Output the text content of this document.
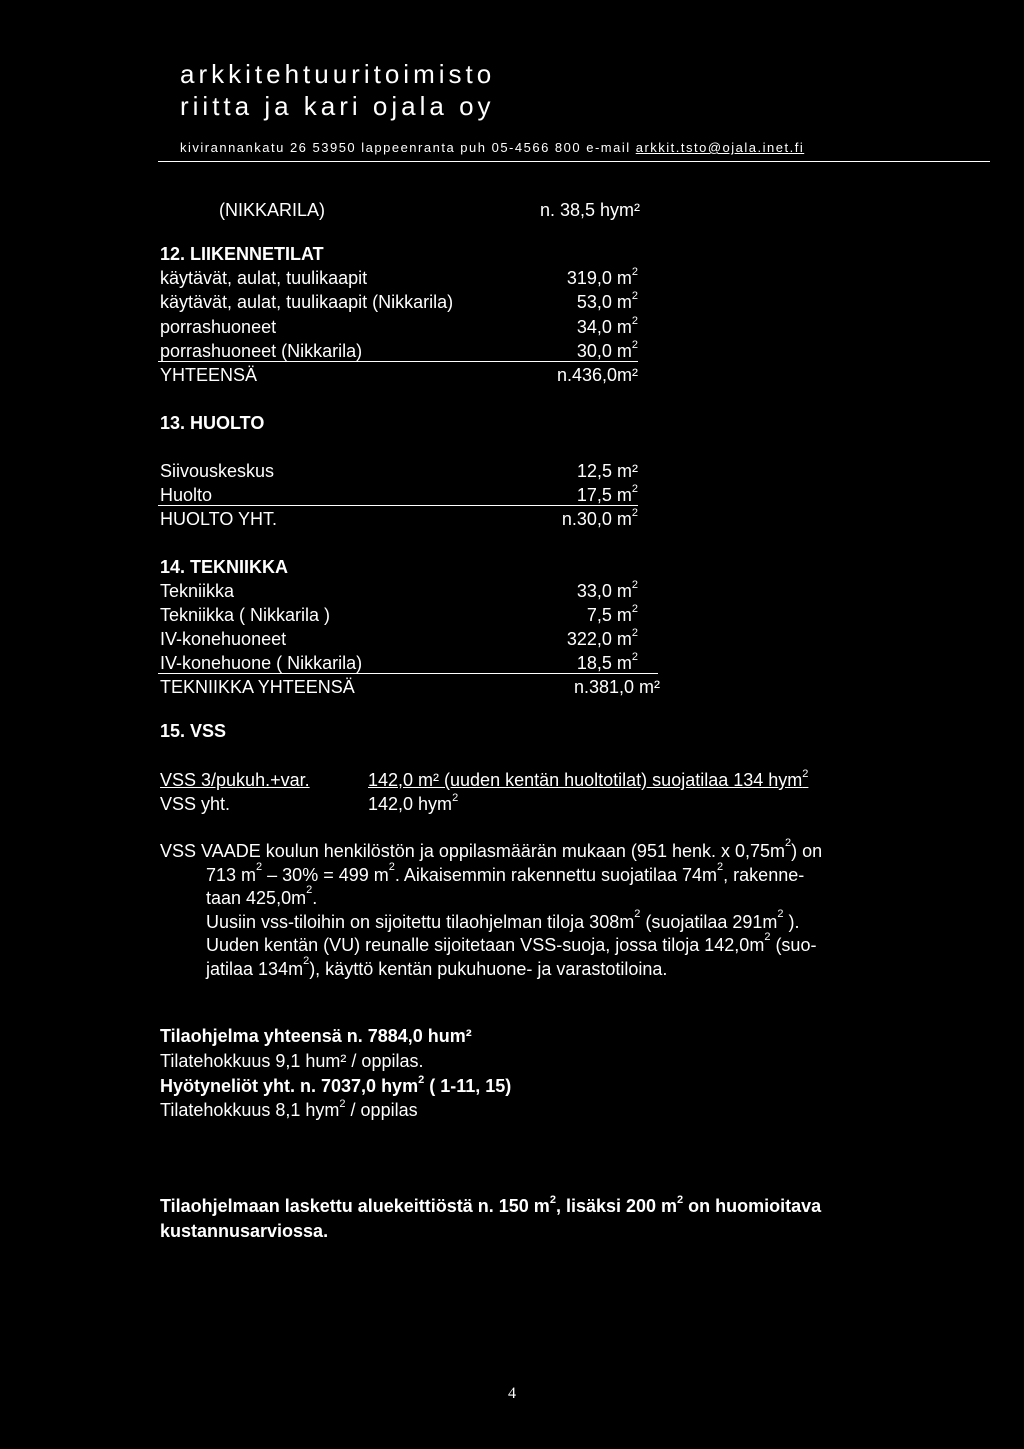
arkkitehtuuritoimisto
riitta ja kari ojala oy
kivirannankatu 26 53950 lappeenranta puh 05-4566 800 e-mail arkkit.tsto@ojala.inet.fi
(NIKKARILA)	n. 38,5 hym²
12. LIIKENNETILAT
käytävät, aulat, tuulikaapit	319,0 $m^2$
käytävät, aulat, tuulikaapit (Nikkarila)	53,0 $m^2$
porrashuoneet	34,0 $m^2$
porrashuoneet (Nikkarila)	30,0 $m^2$
YHTEENSÄ	n.436,0m²
13. HUOLTO
Siivouskeskus	12,5 m²
Huolto	17,5 $m^2$
HUOLTO YHT.	n.30,0 $m^2$
14. TEKNIIKKA
Tekniikka	33,0 $m^2$
Tekniikka ( Nikkarila )	7,5 $m^2$
IV-konehuoneet	322,0 $m^2$
IV-konehuone ( Nikkarila)	18,5 $m^2$
TEKNIIKKA YHTEENSÄ	n.381,0 m²
15. VSS
VSS 3/pukuh.+var.	142,0 m² (uuden kentän huoltotilat) suojatilaa 134 hym$^2$
VSS yht.	142,0 hym$^2$

VSS VAADE koulun henkilöstön ja oppilasmäärän mukaan (951 henk. x $0,75m^2$) on

713 $m^2 - 30\% = 499$ $m^2$. Aikaisemmin rakennettu suojatilaa $74m^2$, rakenne-

taan $425,0m^2$.

Uusiin vss-tiloihin on sijoitettu tilaohjelman tiloja $308m^2$ (suojatilaa $291m^2$ ).

Uuden kentän (VU) reunalle sijoitetaan VSS-suoja, jossa tiloja $142,0m^2$ (suo-

jatilaa $134m^2$), käyttö kentän pukuhuone- ja varastotiloina.

Tilaohjelma yhteensä n. 7884,0 hum²
Tilatehokkuus 9,1 hum² / oppilas.
Hyötyneliöt yht. n. 7037,0 hym$^2$ ( 1-11, 15)
Tilatehokkuus 8,1 hym$^2$ / oppilas
Tilaohjelmaan laskettu aluekeittiöstä n. 150 $m^2$, lisäksi 200 $m^2$ on huomioitava
kustannusarviossa.
4
